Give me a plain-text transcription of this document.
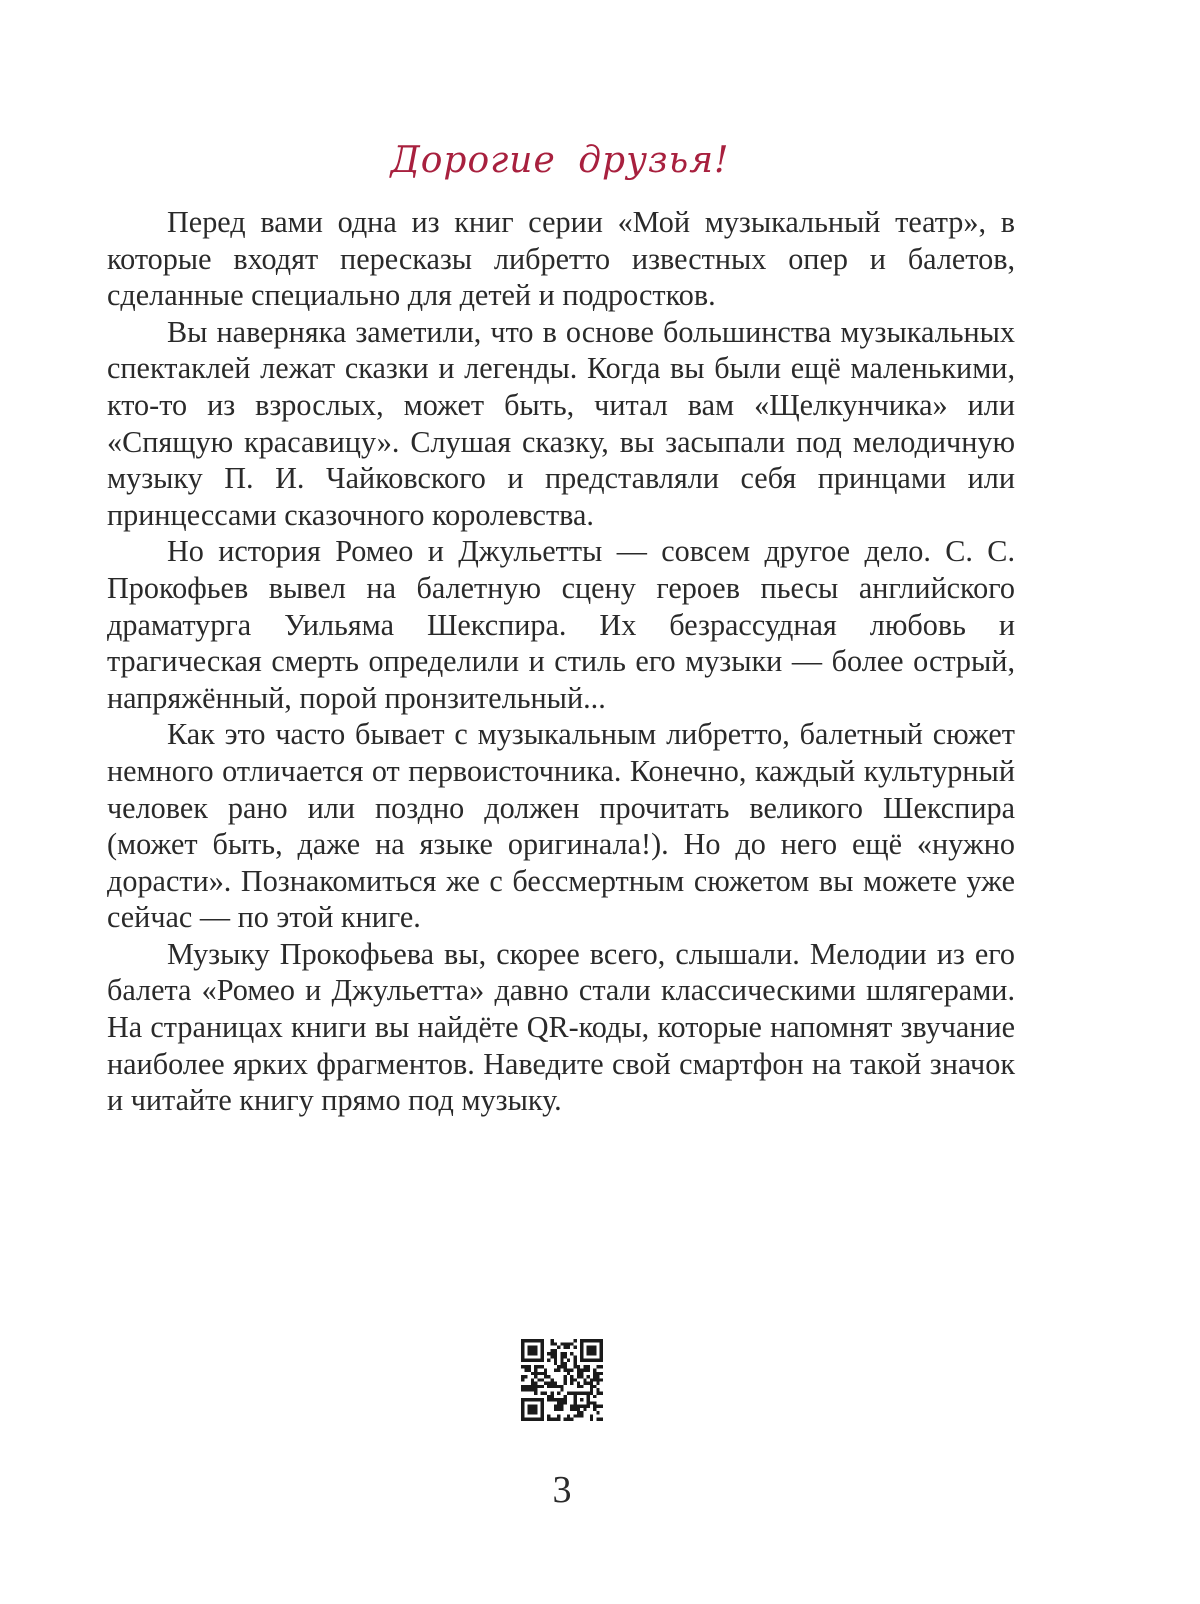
Дорогие друзья!

Перед вами одна из книг серии «Мой музыкальный театр», в которые входят пересказы либретто известных опер и балетов, сделанные специально для детей и подростков.

Вы наверняка заметили, что в основе большинства музыкальных спектаклей лежат сказки и легенды. Когда вы были ещё маленькими, кто-то из взрослых, может быть, читал вам «Щелкунчика» или «Спящую красавицу». Слушая сказку, вы засыпали под мелодичную музыку П. И. Чайковского и представляли себя принцами или принцессами сказочного королевства.

Но история Ромео и Джульетты — совсем другое дело. С. С. Прокофьев вывел на балетную сцену героев пьесы английского драматурга Уильяма Шекспира. Их безрассудная любовь и трагическая смерть определили и стиль его музыки — более острый, напряжённый, порой пронзительный...

Как это часто бывает с музыкальным либретто, балетный сюжет немного отличается от первоисточника. Конечно, каждый культурный человек рано или поздно должен прочитать великого Шекспира (может быть, даже на языке оригинала!). Но до него ещё «нужно дорасти». Познакомиться же с бессмертным сюжетом вы можете уже сейчас — по этой книге.

Музыку Прокофьева вы, скорее всего, слышали. Мелодии из его балета «Ромео и Джульетта» давно стали классическими шлягерами. На страницах книги вы найдёте QR-коды, которые напомнят звучание наиболее ярких фрагментов. Наведите свой смартфон на такой значок и читайте книгу прямо под музыку.

3
